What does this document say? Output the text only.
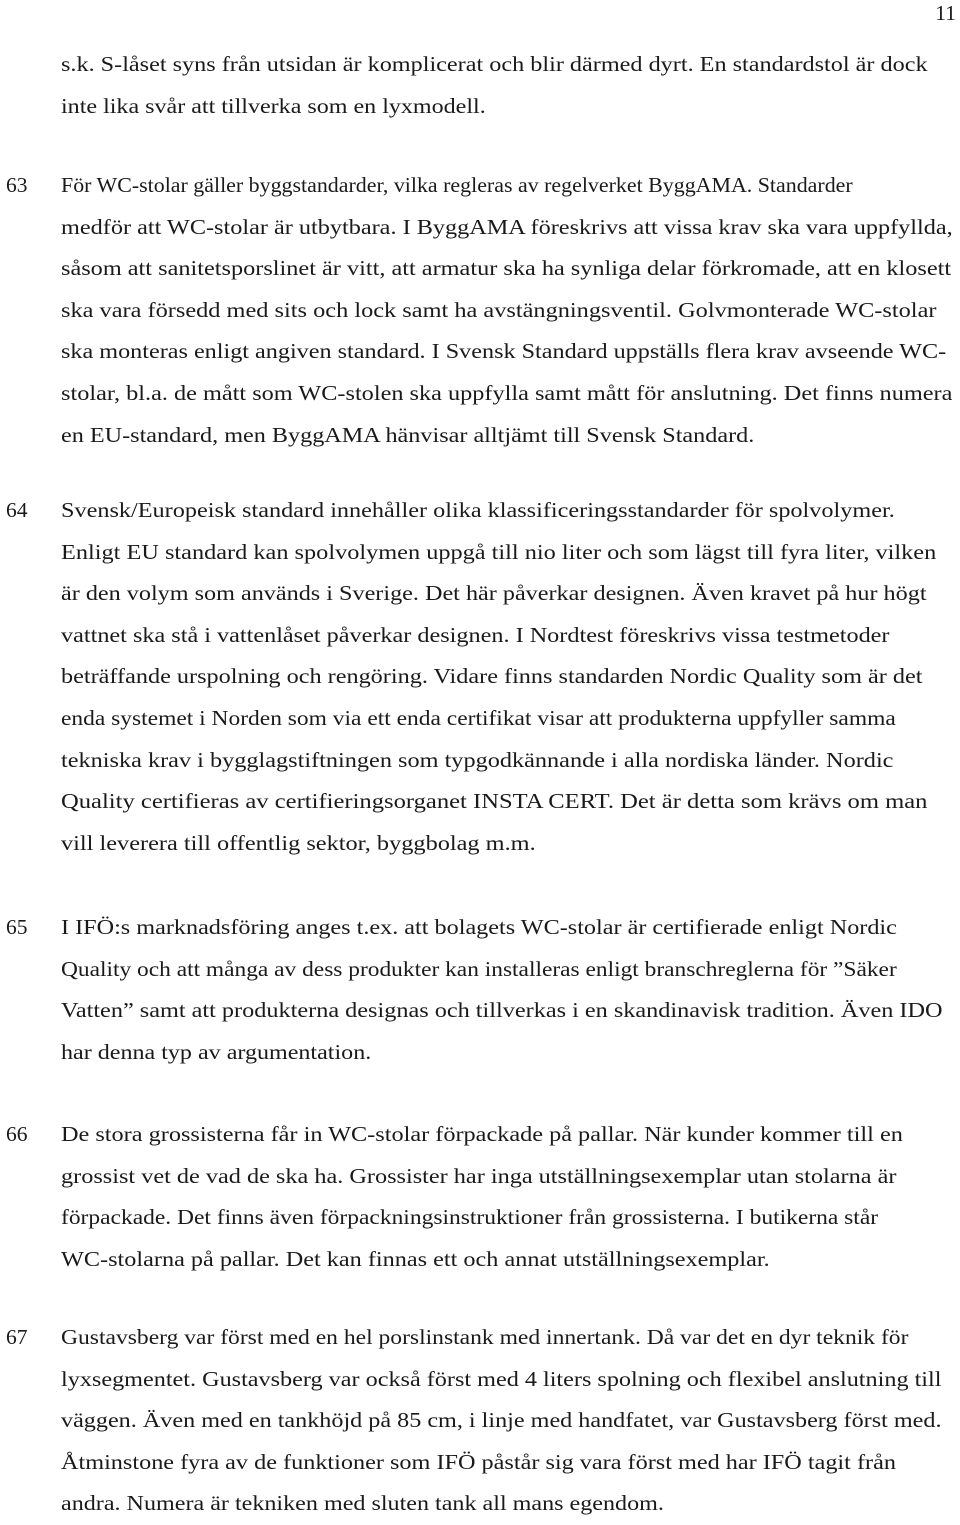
11
s.k. S-låset syns från utsidan är komplicerat och blir därmed dyrt. En standardstol är dock
inte lika svår att tillverka som en lyxmodell.
63 För WC-stolar gäller byggstandarder, vilka regleras av regelverket ByggAMA. Standarder
medför att WC-stolar är utbytbara. I ByggAMA föreskrivs att vissa krav ska vara uppfyllda,
såsom att sanitetsporslinet är vitt, att armatur ska ha synliga delar förkromade, att en klosett
ska vara försedd med sits och lock samt ha avstängningsventil. Golvmonterade WC-stolar
ska monteras enligt angiven standard. I Svensk Standard uppställs flera krav avseende WC-
stolar, bl.a. de mått som WC-stolen ska uppfylla samt mått för anslutning. Det finns numera
en EU-standard, men ByggAMA hänvisar alltjämt till Svensk Standard.
64 Svensk/Europeisk standard innehåller olika klassificeringsstandarder för spolvolymer.
Enligt EU standard kan spolvolymen uppgå till nio liter och som lägst till fyra liter, vilken
är den volym som används i Sverige. Det här påverkar designen. Även kravet på hur högt
vattnet ska stå i vattenlåset påverkar designen. I Nordtest föreskrivs vissa testmetoder
beträffande urspolning och rengöring. Vidare finns standarden Nordic Quality som är det
enda systemet i Norden som via ett enda certifikat visar att produkterna uppfyller samma
tekniska krav i bygglagstiftningen som typgodkännande i alla nordiska länder. Nordic
Quality certifieras av certifieringsorganet INSTA CERT. Det är detta som krävs om man
vill leverera till offentlig sektor, byggbolag m.m.
65 I IFÖ:s marknadsföring anges t.ex. att bolagets WC-stolar är certifierade enligt Nordic
Quality och att många av dess produkter kan installeras enligt branschreglerna för ”Säker
Vatten” samt att produkterna designas och tillverkas i en skandinavisk tradition. Även IDO
har denna typ av argumentation.
66 De stora grossisterna får in WC-stolar förpackade på pallar. När kunder kommer till en
grossist vet de vad de ska ha. Grossister har inga utställningsexemplar utan stolarna är
förpackade. Det finns även förpackningsinstruktioner från grossisterna. I butikerna står
WC-stolarna på pallar. Det kan finnas ett och annat utställningsexemplar.
67 Gustavsberg var först med en hel porslinstank med innertank. Då var det en dyr teknik för
lyxsegmentet. Gustavsberg var också först med 4 liters spolning och flexibel anslutning till
väggen. Även med en tankhöjd på 85 cm, i linje med handfatet, var Gustavsberg först med.
Åtminstone fyra av de funktioner som IFÖ påstår sig vara först med har IFÖ tagit från
andra. Numera är tekniken med sluten tank all mans egendom.
